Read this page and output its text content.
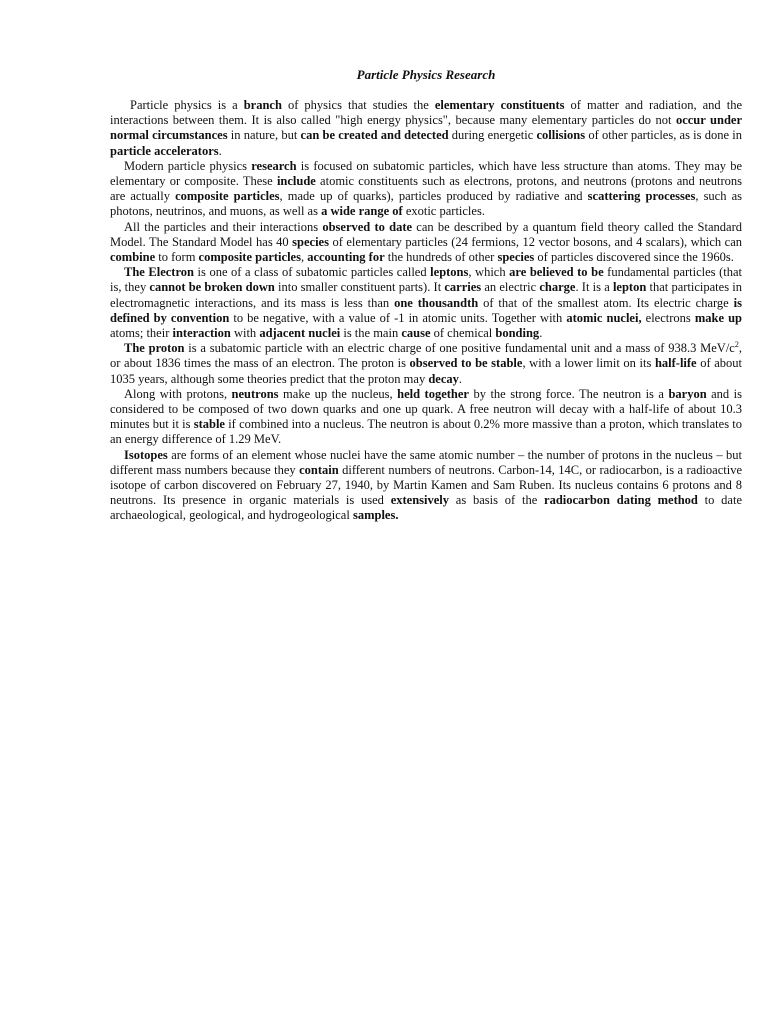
Particle Physics Research

Particle physics is a branch of physics that studies the elementary constituents of matter and radiation, and the interactions between them. It is also called "high energy physics", because many elementary particles do not occur under normal circumstances in nature, but can be created and detected during energetic collisions of other particles, as is done in particle accelerators.

Modern particle physics research is focused on subatomic particles, which have less structure than atoms. They may be elementary or composite. These include atomic constituents such as electrons, protons, and neutrons (protons and neutrons are actually composite particles, made up of quarks), particles produced by radiative and scattering processes, such as photons, neutrinos, and muons, as well as a wide range of exotic particles.

All the particles and their interactions observed to date can be described by a quantum field theory called the Standard Model. The Standard Model has 40 species of elementary particles (24 fermions, 12 vector bosons, and 4 scalars), which can combine to form composite particles, accounting for the hundreds of other species of particles discovered since the 1960s.

The Electron is one of a class of subatomic particles called leptons, which are believed to be fundamental particles (that is, they cannot be broken down into smaller constituent parts). It carries an electric charge. It is a lepton that participates in electromagnetic interactions, and its mass is less than one thousandth of that of the smallest atom. Its electric charge is defined by convention to be negative, with a value of -1 in atomic units. Together with atomic nuclei, electrons make up atoms; their interaction with adjacent nuclei is the main cause of chemical bonding.

The proton is a subatomic particle with an electric charge of one positive fundamental unit and a mass of 938.3 MeV/$c^2$, or about 1836 times the mass of an electron. The proton is observed to be stable, with a lower limit on its half-life of about 1035 years, although some theories predict that the proton may decay.

Along with protons, neutrons make up the nucleus, held together by the strong force. The neutron is a baryon and is considered to be composed of two down quarks and one up quark. A free neutron will decay with a half-life of about 10.3 minutes but it is stable if combined into a nucleus. The neutron is about 0.2% more massive than a proton, which translates to an energy difference of 1.29 MeV.

Isotopes are forms of an element whose nuclei have the same atomic number – the number of protons in the nucleus – but different mass numbers because they contain different numbers of neutrons. Carbon-14, 14C, or radiocarbon, is a radioactive isotope of carbon discovered on February 27, 1940, by Martin Kamen and Sam Ruben. Its nucleus contains 6 protons and 8 neutrons. Its presence in organic materials is used extensively as basis of the radiocarbon dating method to date archaeological, geological, and hydrogeological samples.
